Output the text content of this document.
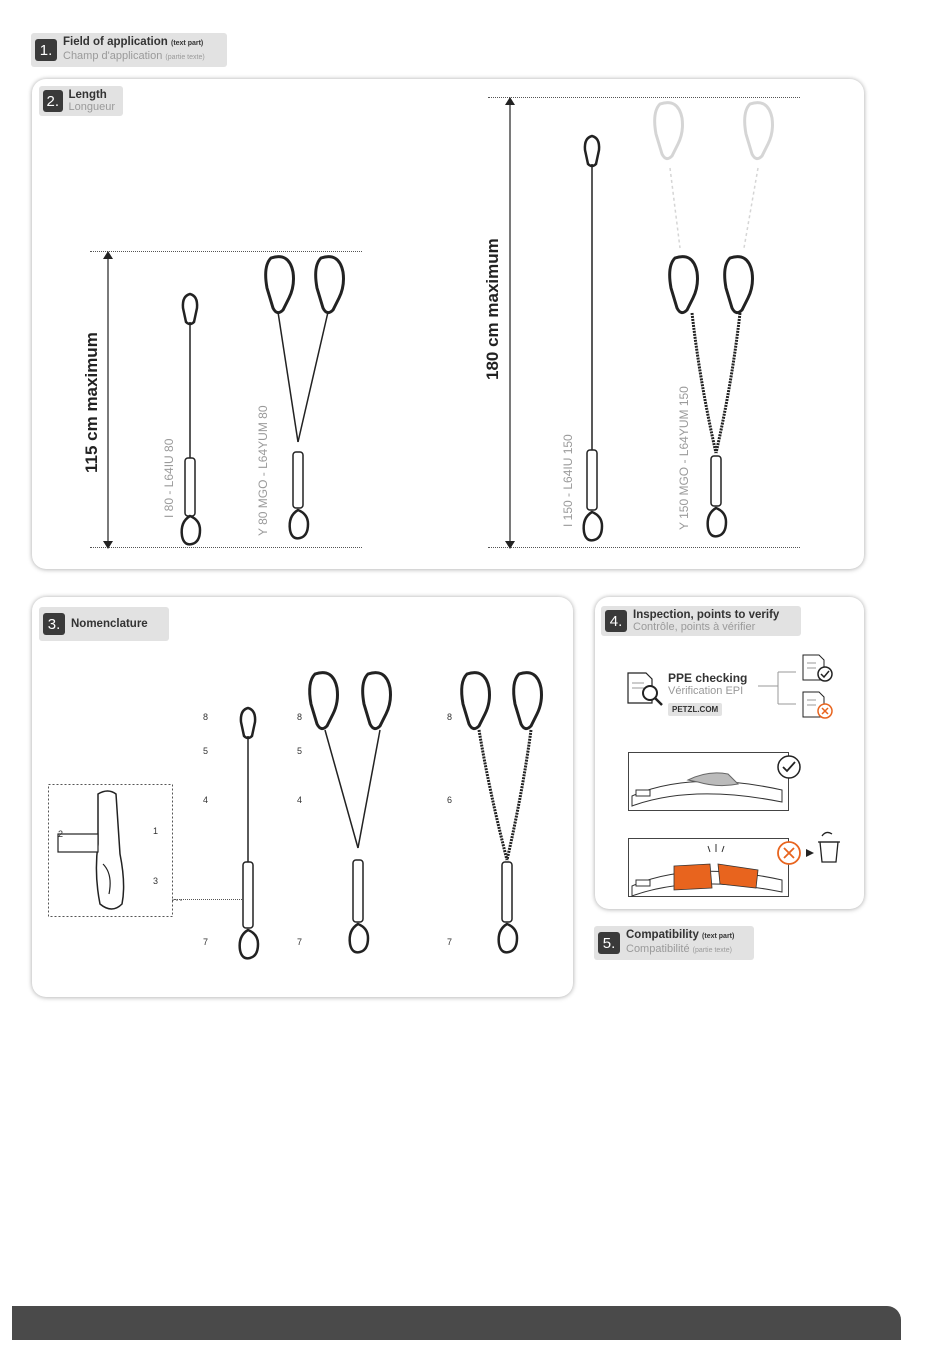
1. Field of application (text part)
Champ d'application (partie texte)
2. Length
Longueur
115 cm maximum
180 cm maximum
I 80 - L64IU 80	Y 80 MGO - L64YUM 80	I 150 - L64IU 150	Y 150 MGO - L64YUM 150
3. Nomenclature
1
2
3
8
5
4
7
8
5
4
7
8
6
7
4. Inspection, points to verify
Contrôle, points à vérifier
PPE checking
Vérification EPI
PETZL.COM
5. Compatibility (text part)
Compatibilité (partie texte)
